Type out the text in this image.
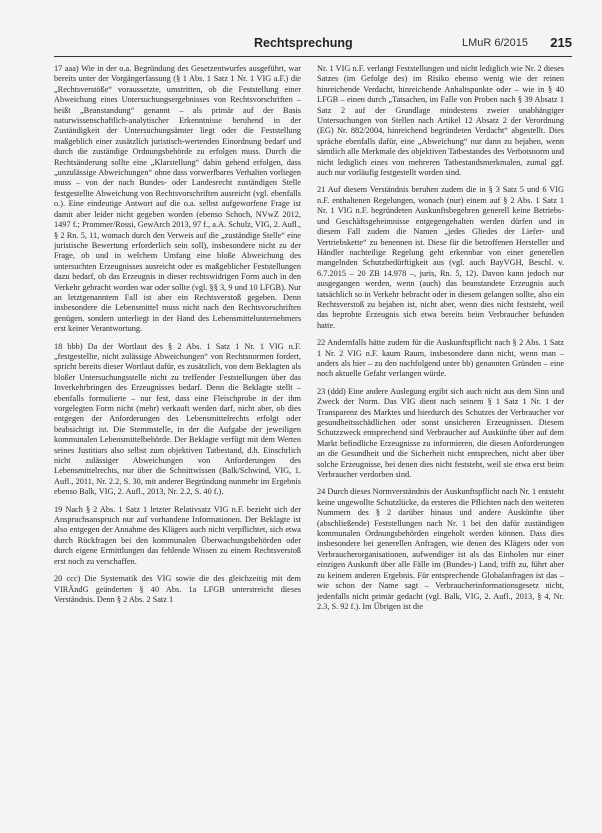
Rechtsprechung	LMuR 6/2015 215

17 aaa) Wie in der o.a. Begründung des Gesetzentwurfes ausgeführt, war bereits unter der Vorgängerfassung (§ 1 Abs. 1 Satz 1 Nr. 1 VIG a.F.) die „Rechtsverstöße“ voraussetzte, umstritten, ob die Feststellung einer Abweichung eines Untersuchungsergebnisses von Rechtsvorschriften – heißt „Beanstandung“ genannt – als primär auf der Basis naturwissenschaftlich-analytischer Erkenntnisse beruhend in der Zuständigkeit der Untersuchungsämter liegt oder die Feststellung maßgeblich einer zusätzlich juristisch-wertenden Einordnung bedarf und durch die zuständige Ordnungsbehörde zu erfolgen muss. Durch die Rechtsänderung sollte eine „Klarstellung“ dahin gehend erfolgen, dass „unzulässige Abweichungen“ ohne dass vorwerfbares Verhalten vorliegen muss – von der nach Bundes- oder Landesrecht zuständigen Stelle festgestellte Abweichung von Rechtsvorschriften ausreicht (vgl. ebenfalls o.). Eine eindeutige Antwort auf die o.a. selbst aufgeworfene Frage ist damit aber leider nicht gegeben worden (ebenso Schoch, NVwZ 2012, 1497 f.; Prommer/Rossi, GewArch 2013, 97 f., a.A. Schulz, VIG, 2. Aufl., § 2 Rn. 5, 11, womach durch den Verweis auf die „zuständige Stelle“ eine juristische Bewertung erforderlich sein soll), insbesondere nicht zu der Frage, ob und in welchem Umfang eine bloße Abweichung des untersuchten Erzeugnisses ausreicht oder es maßgeblicher Feststellungen dazu bedarf, ob das Erzeugnis in dieser rechtswidrigen Form auch in den Verkehr gebracht worden war oder sollte (vgl. §§ 3, 9 und 10 LFGB). Nur an letztgenanntem Fall ist aber ein Rechtsverstoß gegeben. Denn insbesondere die Lebensmittel muss nicht nach den Rechtsvorschriften genügen, sondern unterliegt in der Hand des Lebensmittelunternehmers erst keiner Verantwortung.

18 bbb) Da der Wortlaut des § 2 Abs. 1 Satz 1 Nr. 1 VIG n.F. „festgestellte, nicht zulässige Abweichungen“ von Rechtsnormen fordert, spricht bereits dieser Wortlaut dafür, es zusätzlich, von dem Beklagten als bloßer Untersuchungsstelle nicht zu treffender Feststellungen über das Inverkehrbringen des Erzeugnisses bedarf. Denn die Beklagte stellt – ebenfalls formulierte – nur fest, dass eine Fleischprobe in der ihm vorgelegten Form nicht (mehr) verkauft werden darf, nicht aber, ob dies entgegen der Anforderungen des Lebensmittelrechts erfolgt oder beabsichtigt ist. Die Stemmstelle, in der die Aufgabe der jeweiligen kommunalen Lebensmittelbehörde. Der Beklagte verfügt mit dem Werten seines Justitiars also selbst zum objektiven Tatbestand, d.h. Einschrlich nicht zulässiger Abweichungen von Anforderungen des Lebensmittelrechts, nur über die Schnittwissen (Balk/Schwind, VIG, 1. Aufl., 2011, Nr. 2.2, S. 30, mit anderer Begründung nunmehr im Ergebnis ebenso Balk, VIG, 2. Aufl., 2013, Nr. 2.2, S. 40 f.).

19 Nach § 2 Abs. 1 Satz 1 letzter Relativsatz VIG n.F. bezieht sich der Anspruchsanspruch nur auf vorhandene Informationen. Der Beklagte ist also entgegen der Annahme des Klägers auch nicht verpflichtet, sich etwa durch Rückfragen bei den kommunalen Überwachungsbehörden oder durch eigene Ermittlungen das fehlende Wissen zu einem Rechtsverstoß erst noch zu verschaffen.

20 ccc) Die Systematik des VIG sowie die des gleichzeitig mit dem VIRÄndG geänderten § 40 Abs. 1a LFGB unterstreicht dieses Verständnis. Denn § 2 Abs. 2 Satz 1

Nr. 1 VIG n.F. verlangt Feststellungen und nicht lediglich wie Nr. 2 dieses Satzes (im Gefolge des) im Risiko ebenso wenig wie der reinen hinreichende Verdacht, hinreichende Anhaltspunkte oder – wie in § 40 LFGB – einen durch „Tatsachen, im Falle von Proben nach § 39 Absatz 1 Satz 2 auf der Grundlage mindestens zweier unabhängiger Untersuchungen von Stellen nach Artikel 12 Absatz 2 der Verordnung (EG) Nr. 882/2004, hinreichend begründeten Verdacht“ abgestellt. Dies spräche ebenfalls dafür, eine „Abweichung“ nur dann zu bejahen, wenn sämtlich alle Merkmale des objektiven Tatbestandes des Verbotsnorm und nicht lediglich eines von mehreren Tatbestandsmerkmalen, zumal ggf. auch nur vorläufig festgestellt worden sind.

21 Auf diesem Verständnis beruhen zudem die in § 3 Satz 5 und 6 VIG n.F. enthaltenen Regelungen, wonach (nur) einem auf § 2 Abs. 1 Satz 1 Nr. 1 VIG n.F. begründeten Auskunftsbegehren generell keine Betriebs- und Geschäftsgeheimnisse entgegengehalten werden dürfen und in diesem Fall zudem die Namen „jedes Gliedes der Liefer- und Vertriebskette“ zu benennen ist. Diese für die betroffenen Hersteller und Händler nachteilige Regelung geht erkennbar von einer generellen mangelnden Schutzbedürftigkeit aus (vgl. auch BayVGH, Beschl. v. 6.7.2015 – 20 ZB 14.978 –, juris, Rn. 5, 12). Davon kann jedoch nur ausgegangen werden, wenn (auch) das beanstandete Erzeugnis auch tatsächlich so in Verkehr bebracht oder in diesem gelangen sollte, also ein Rechtsverstoß zu bejahen ist, nicht aber, wenn dies nicht feststeht, weil das beprobte Erzeugnis sich etwa bereits beim Verbraucher befunden hatte.

22 Andernfalls hätte zudem für die Auskunftspflicht nach § 2 Abs. 1 Satz 1 Nr. 2 VIG n.F. kaum Raum, insbesondere dann nicht, wenn man – anders als hier – zu den nachfolgend unter bb) genannten Gründen – eine noch aktuelle Gefahr verlangen würde.

23 (ddd) Eine andere Auslegung ergibt sich auch nicht aus dem Sinn und Zweck der Norm. Das VIG dient nach seinem § 1 Satz 1 Nr. 1 der Transparenz des Marktes und hierdurch des Schutzes der Verbraucher vor gesundheitsschädlichen oder sonst unsicheren Erzeugnissen. Diesem Schutzzweck entsprechend sind Verbraucher auf Auskünfte über auf dem Markt befindliche Erzeugnisse zu informieren, die diesen Anforderungen an die Gesundheit und die Sicherheit nicht entsprechen, nicht aber über solche Erzeugnisse, bei denen dies nicht feststeht, weil sie etwa erst beim Verbraucher verdorben sind.

24 Durch dieses Normverständnis der Auskunftspflicht nach Nr. 1 entsteht keine ungewollte Schutzlücke, da ersteres die Pflichten nach den weiteren Nummern des § 2 darüber hinaus und andere Auskünfte über (abschließende) Feststellungen nach Nr. 1 bei den dafür zuständigen kommunalen Ordnungsbehörden eingeholt werden können. Dass dies insbesondere bei generellen Anfragen, wie denen des Klägers oder von Verbraucherorganisationen, aufwendiger ist als das Einholen nur einer einzigen Auskunft über alle Fälle im (Bundes-) Land, trifft zu, führt aber zu keinem anderen Ergebnis. Für entsprechende Globalanfragen ist das – wie schon der Name sagt – Verbraucherinformationsgesetz nicht, jedenfalls nicht primär gedacht (vgl. Balk, VIG, 2. Aufl., 2013, § 4, Nr. 2.3, S. 92 f.). Im Übrigen ist die
